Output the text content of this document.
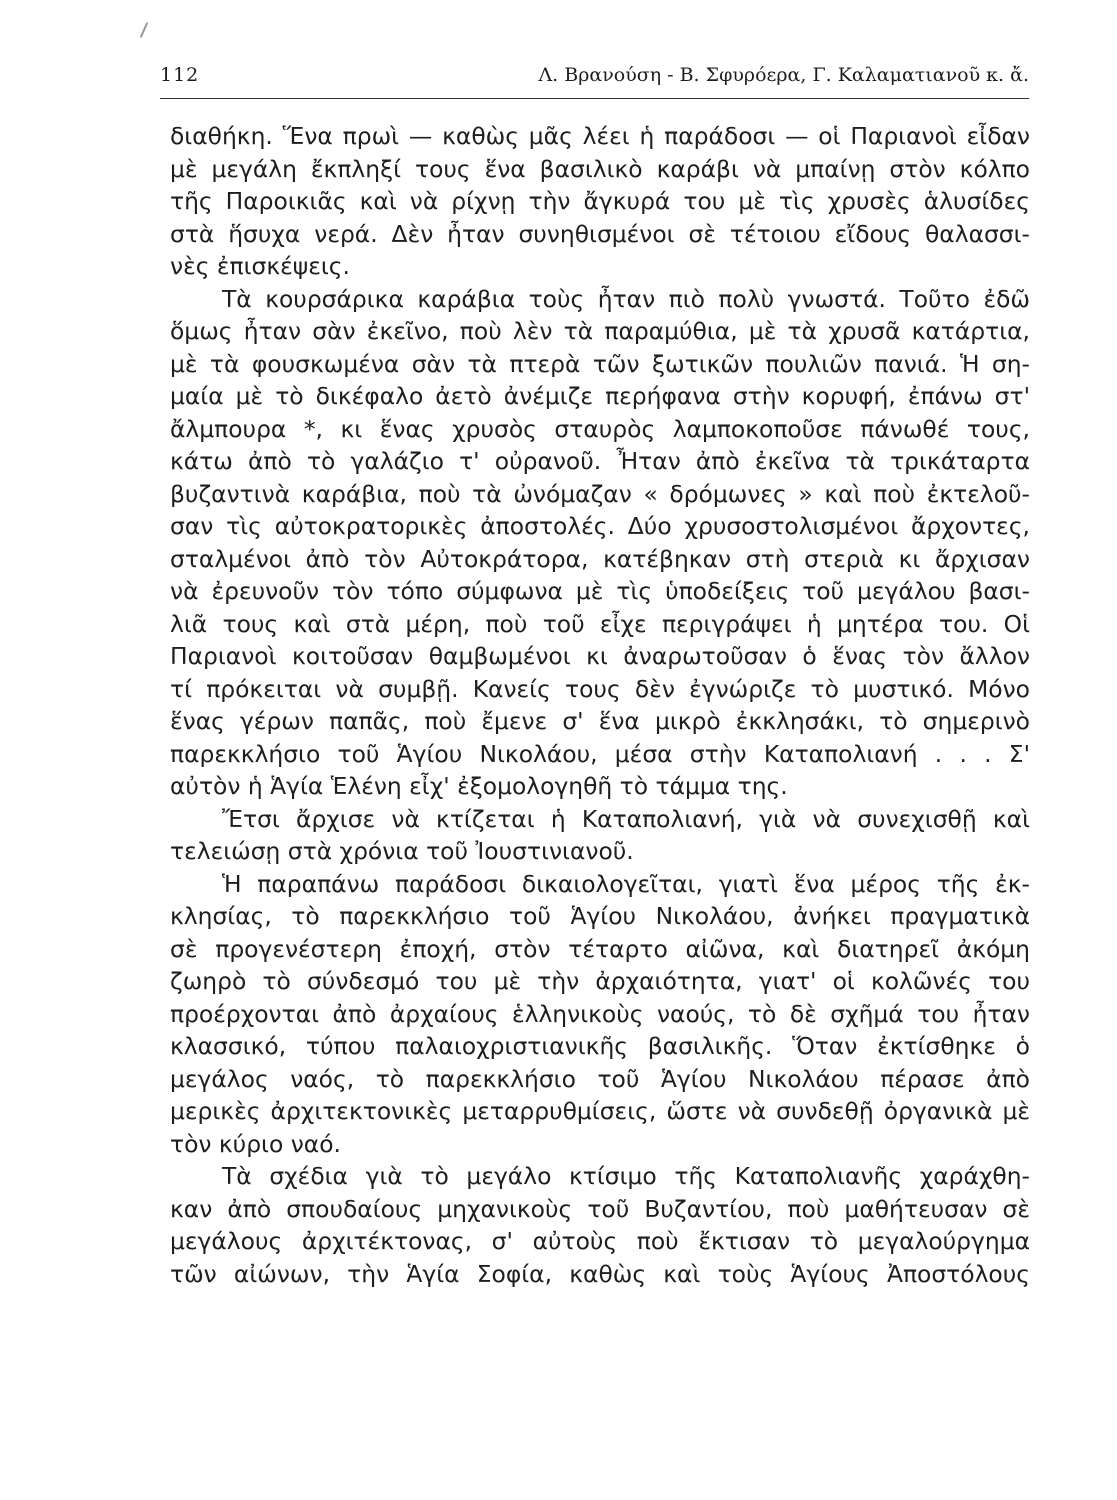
112	Λ. Βρανούση - Β. Σφυρόερα, Γ. Καλαματιανοῦ κ. ἄ.
διαθήκη. Ἕνα πρωὶ — καθὼς μᾶς λέει ἡ παράδοσι — οἱ Παριανοὶ εἶδαν
μὲ μεγάλη ἔκπληξί τους ἕνα βασιλικὸ καράβι νὰ μπαίνῃ στὸν κόλπο
τῆς Παροικιᾶς καὶ νὰ ρίχνῃ τὴν ἄγκυρά του μὲ τὶς χρυσὲς ἁλυσίδες
στὰ ἥσυχα νερά. Δὲν ἦταν συνηθισμένοι σὲ τέτοιου εἴδους θαλασσι-
νὲς ἐπισκέψεις.
Τὰ κουρσάρικα καράβια τοὺς ἦταν πιὸ πολὺ γνωστά. Τοῦτο ἐδῶ
ὅμως ἦταν σὰν ἐκεῖνο, ποὺ λὲν τὰ παραμύθια, μὲ τὰ χρυσᾶ κατάρτια,
μὲ τὰ φουσκωμένα σὰν τὰ πτερὰ τῶν ξωτικῶν πουλιῶν πανιά. Ἡ ση-
μαία μὲ τὸ δικέφαλο ἀετὸ ἀνέμιζε περήφανα στὴν κορυφή, ἐπάνω στ'
ἄλμπουρα *, κι ἕνας χρυσὸς σταυρὸς λαμποκοποῦσε πάνωθέ τους,
κάτω ἀπὸ τὸ γαλάζιο τ' οὐρανοῦ. Ἦταν ἀπὸ ἐκεῖνα τὰ τρικάταρτα
βυζαντινὰ καράβια, ποὺ τὰ ὠνόμαζαν « δρόμωνες » καὶ ποὺ ἐκτελοῦ-
σαν τὶς αὐτοκρατορικὲς ἀποστολές. Δύο χρυσοστολισμένοι ἄρχοντες,
σταλμένοι ἀπὸ τὸν Αὐτοκράτορα, κατέβηκαν στὴ στεριὰ κι ἄρχισαν
νὰ ἐρευνοῦν τὸν τόπο σύμφωνα μὲ τὶς ὑποδείξεις τοῦ μεγάλου βασι-
λιᾶ τους καὶ στὰ μέρη, ποὺ τοῦ εἶχε περιγράψει ἡ μητέρα του. Οἱ
Παριανοὶ κοιτοῦσαν θαμβωμένοι κι ἀναρωτοῦσαν ὁ ἕνας τὸν ἄλλον
τί πρόκειται νὰ συμβῇ. Κανείς τους δὲν ἐγνώριζε τὸ μυστικό. Μόνο
ἕνας γέρων παπᾶς, ποὺ ἔμενε σ' ἕνα μικρὸ ἐκκλησάκι, τὸ σημερινὸ
παρεκκλήσιο τοῦ Ἁγίου Νικολάου, μέσα στὴν Καταπολιανή . . . Σ'
αὐτὸν ἡ Ἁγία Ἑλένη εἶχ' ἐξομολογηθῆ τὸ τάμμα της.
Ἔτσι ἄρχισε νὰ κτίζεται ἡ Καταπολιανή, γιὰ νὰ συνεχισθῇ καὶ
τελειώσῃ στὰ χρόνια τοῦ Ἰουστινιανοῦ.
Ἡ παραπάνω παράδοσι δικαιολογεῖται, γιατὶ ἕνα μέρος τῆς ἐκ-
κλησίας, τὸ παρεκκλήσιο τοῦ Ἁγίου Νικολάου, ἀνήκει πραγματικὰ
σὲ προγενέστερη ἐποχή, στὸν τέταρτο αἰῶνα, καὶ διατηρεῖ ἀκόμη
ζωηρὸ τὸ σύνδεσμό του μὲ τὴν ἀρχαιότητα, γιατ' οἱ κολῶνές του
προέρχονται ἀπὸ ἀρχαίους ἑλληνικοὺς ναούς, τὸ δὲ σχῆμά του ἦταν
κλασσικό, τύπου παλαιοχριστιανικῆς βασιλικῆς. Ὅταν ἐκτίσθηκε ὁ
μεγάλος ναός, τὸ παρεκκλήσιο τοῦ Ἁγίου Νικολάου πέρασε ἀπὸ
μερικὲς ἀρχιτεκτονικὲς μεταρρυθμίσεις, ὥστε νὰ συνδεθῇ ὀργανικὰ μὲ
τὸν κύριο ναό.
Τὰ σχέδια γιὰ τὸ μεγάλο κτίσιμο τῆς Καταπολιανῆς χαράχθη-
καν ἀπὸ σπουδαίους μηχανικοὺς τοῦ Βυζαντίου, ποὺ μαθήτευσαν σὲ
μεγάλους ἀρχιτέκτονας, σ' αὐτοὺς ποὺ ἔκτισαν τὸ μεγαλούργημα
τῶν αἰώνων, τὴν Ἁγία Σοφία, καθὼς καὶ τοὺς Ἁγίους Ἀποστόλους
